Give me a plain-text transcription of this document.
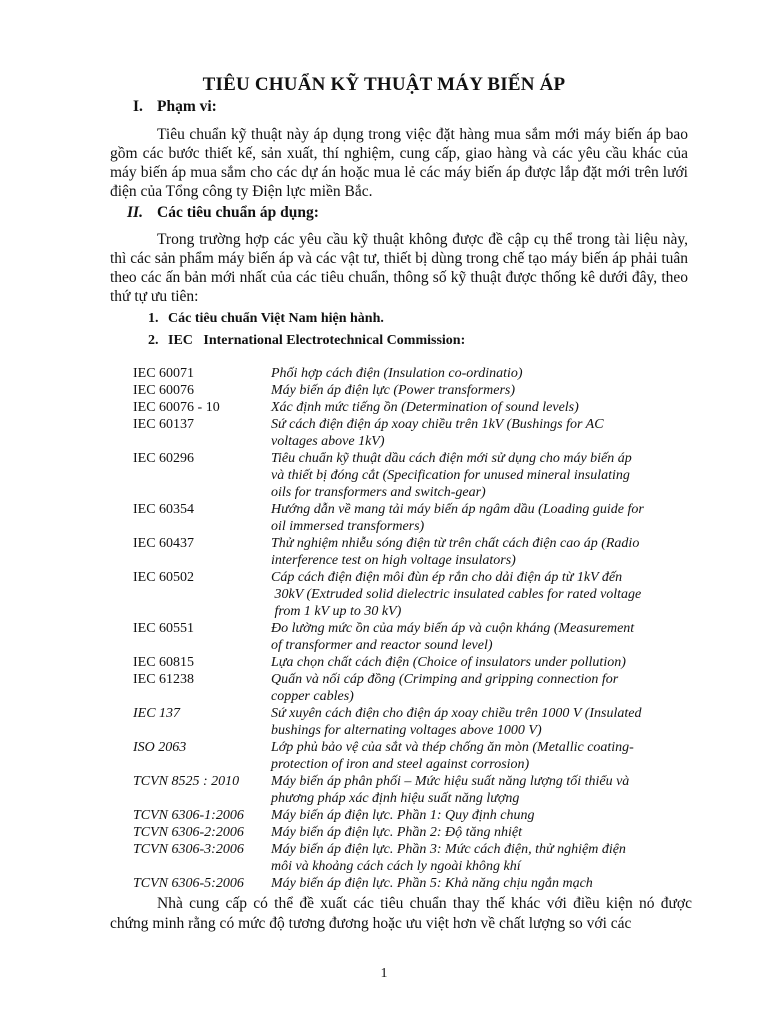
TIÊU CHUẨN KỸ THUẬT MÁY BIẾN ÁP
I. Phạm vi:
Tiêu chuẩn kỹ thuật này áp dụng trong việc đặt hàng mua sắm mới máy biến áp bao gồm các bước thiết kế, sản xuất, thí nghiệm, cung cấp, giao hàng và các yêu cầu khác của máy biến áp mua sắm cho các dự án hoặc mua lẻ các máy biến áp được lắp đặt mới trên lưới điện của Tổng công ty Điện lực miền Bắc.
II. Các tiêu chuẩn áp dụng:
Trong trường hợp các yêu cầu kỹ thuật không được đề cập cụ thể trong tài liệu này, thì các sản phẩm máy biến áp và các vật tư, thiết bị dùng trong chế tạo máy biến áp phải tuân theo các ấn bản mới nhất của các tiêu chuẩn, thông số kỹ thuật được thống kê dưới đây, theo thứ tự ưu tiên:
1. Các tiêu chuẩn Việt Nam hiện hành.
2. IEC   International Electrotechnical Commission:
IEC 60071	Phối hợp cách điện (Insulation co-ordinatio)
IEC 60076	Máy biến áp điện lực (Power transformers)
IEC 60076 - 10	Xác định mức tiếng ồn (Determination of sound levels)
IEC 60137	Sứ cách điện điện áp xoay chiều trên 1kV (Bushings for AC
voltages above 1kV)
IEC 60296	Tiêu chuẩn kỹ thuật dầu cách điện mới sử dụng cho máy biến áp
và thiết bị đóng cắt (Specification for unused mineral insulating
oils for transformers and switch-gear)
IEC 60354	Hướng dẫn về mang tải máy biến áp ngâm dầu (Loading guide for
oil immersed transformers)
IEC 60437	Thử nghiệm nhiễu sóng điện từ trên chất cách điện cao áp (Radio
interference test on high voltage insulators)
IEC 60502	Cáp cách điện điện môi đùn ép rắn cho dải điện áp từ 1kV đến
30kV (Extruded solid dielectric insulated cables for rated voltage
from 1 kV up to 30 kV)
IEC 60551	Đo lường mức ồn của máy biến áp và cuộn kháng (Measurement
of transformer and reactor sound level)
IEC 60815	Lựa chọn chất cách điện (Choice of insulators under pollution)
IEC 61238	Quấn và nối cáp đồng (Crimping and gripping connection for
copper cables)
IEC 137	Sứ xuyên cách điện cho điện áp xoay chiều trên 1000 V (Insulated
bushings for alternating voltages above 1000 V)
ISO 2063	Lớp phủ bảo vệ của sắt và thép chống ăn mòn (Metallic coating-
protection of iron and steel against corrosion)
TCVN 8525 : 2010	Máy biến áp phân phối – Mức hiệu suất năng lượng tối thiểu và
phương pháp xác định hiệu suất năng lượng
TCVN 6306-1:2006	Máy biến áp điện lực. Phần 1: Quy định chung
TCVN 6306-2:2006	Máy biến áp điện lực. Phần 2: Độ tăng nhiệt
TCVN 6306-3:2006	Máy biến áp điện lực. Phần 3: Mức cách điện, thử nghiệm điện
môi và khoảng cách cách ly ngoài không khí
TCVN 6306-5:2006	Máy biến áp điện lực. Phần 5: Khả năng chịu ngắn mạch
Nhà cung cấp có thể đề xuất các tiêu chuẩn thay thế khác với điều kiện nó được chứng minh rằng có mức độ tương đương hoặc ưu việt hơn về chất lượng so với các
1
